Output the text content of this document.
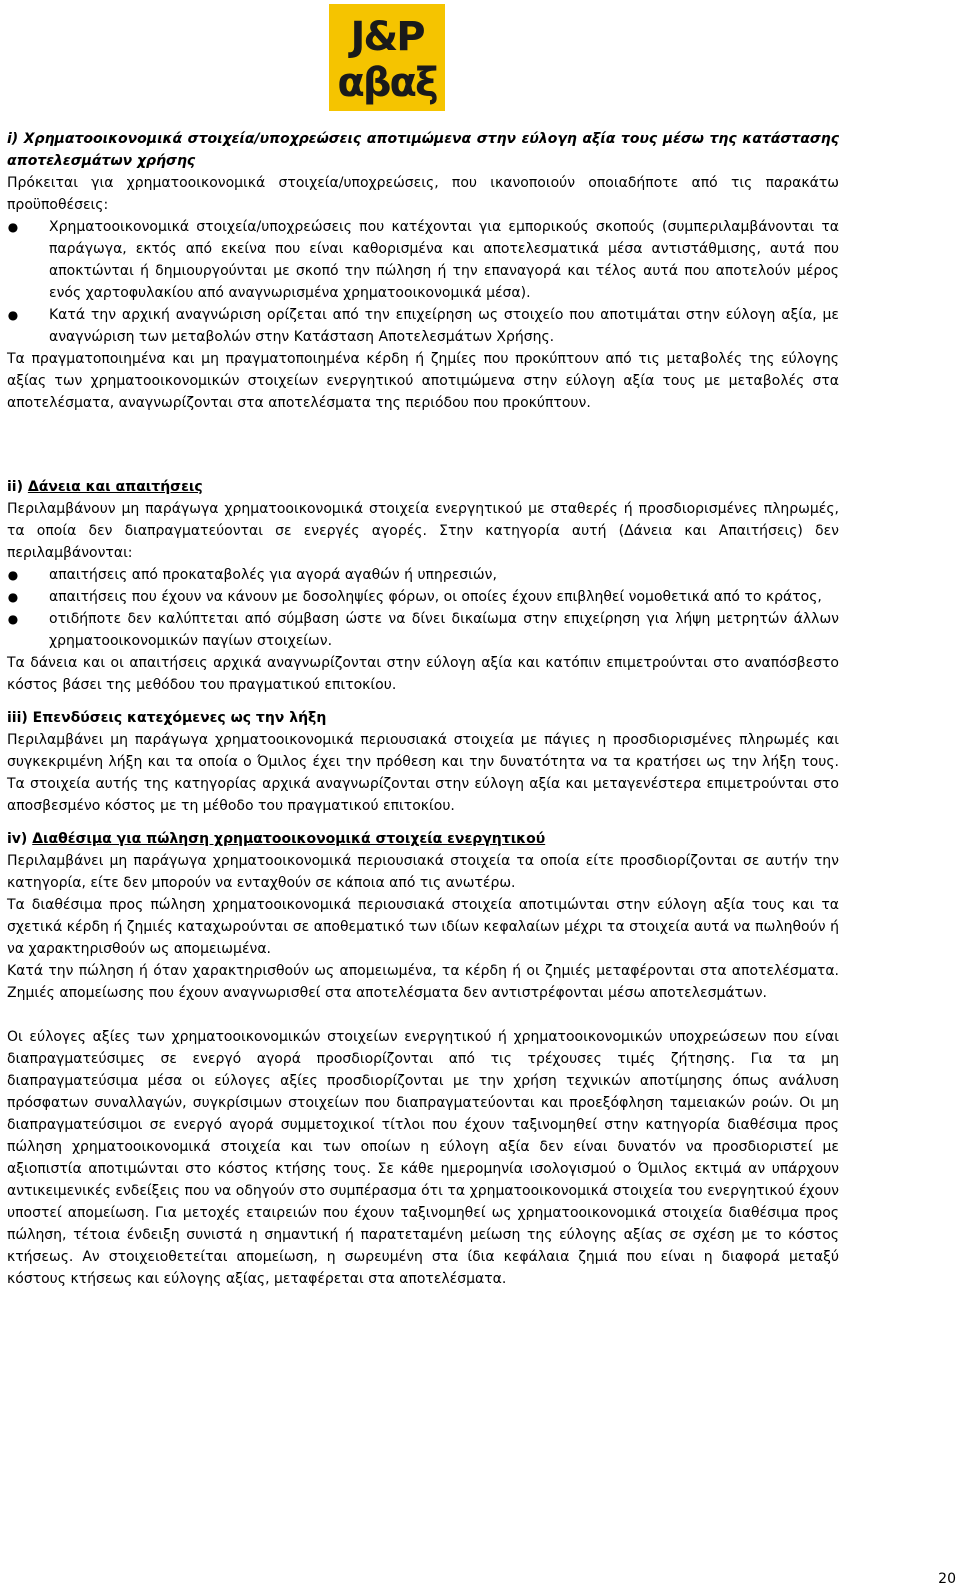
J&P
αβαξ

i) Χρηματοοικονομικά στοιχεία/υποχρεώσεις αποτιμώμενα στην εύλογη αξία τους μέσω της κατάστασης αποτελεσμάτων χρήσης

Πρόκειται για χρηματοοικονομικά στοιχεία/υποχρεώσεις, που ικανοποιούν οποιαδήποτε από τις παρακάτω προϋποθέσεις:

● Χρηματοοικονομικά στοιχεία/υποχρεώσεις που κατέχονται για εμπορικούς σκοπούς (συμπεριλαμβάνονται τα παράγωγα, εκτός από εκείνα που είναι καθορισμένα και αποτελεσματικά μέσα αντιστάθμισης, αυτά που αποκτώνται ή δημιουργούνται με σκοπό την πώληση ή την επαναγορά και τέλος αυτά που αποτελούν μέρος ενός χαρτοφυλακίου από αναγνωρισμένα χρηματοοικονομικά μέσα).
● Κατά την αρχική αναγνώριση ορίζεται από την επιχείρηση ως στοιχείο που αποτιμάται στην εύλογη αξία, με αναγνώριση των μεταβολών στην Κατάσταση Αποτελεσμάτων Χρήσης.

Τα πραγματοποιημένα και μη πραγματοποιημένα κέρδη ή ζημίες που προκύπτουν από τις μεταβολές της εύλογης αξίας των χρηματοοικονομικών στοιχείων ενεργητικού αποτιμώμενα στην εύλογη αξία τους με μεταβολές στα αποτελέσματα, αναγνωρίζονται στα αποτελέσματα της περιόδου που προκύπτουν.

ii) Δάνεια και απαιτήσεις

Περιλαμβάνουν μη παράγωγα χρηματοοικονομικά στοιχεία ενεργητικού με σταθερές ή προσδιορισμένες πληρωμές, τα οποία δεν διαπραγματεύονται σε ενεργές αγορές. Στην κατηγορία αυτή (Δάνεια και Απαιτήσεις) δεν περιλαμβάνονται:

● απαιτήσεις από προκαταβολές για αγορά αγαθών ή υπηρεσιών,
● απαιτήσεις που έχουν να κάνουν με δοσοληψίες φόρων, οι οποίες έχουν επιβληθεί νομοθετικά από το κράτος,
● οτιδήποτε δεν καλύπτεται από σύμβαση ώστε να δίνει δικαίωμα στην επιχείρηση για λήψη μετρητών άλλων χρηματοοικονομικών παγίων στοιχείων.

Τα δάνεια και οι απαιτήσεις αρχικά αναγνωρίζονται στην εύλογη αξία και κατόπιν επιμετρούνται στο αναπόσβεστο κόστος βάσει της μεθόδου του πραγματικού επιτοκίου.

iii) Επενδύσεις κατεχόμενες ως την λήξη

Περιλαμβάνει μη παράγωγα χρηματοοικονομικά περιουσιακά στοιχεία με πάγιες η προσδιορισμένες πληρωμές και συγκεκριμένη λήξη και τα οποία ο Όμιλος έχει την πρόθεση και την δυνατότητα να τα κρατήσει ως την λήξη τους. Τα στοιχεία αυτής της κατηγορίας αρχικά αναγνωρίζονται στην εύλογη αξία και μεταγενέστερα επιμετρούνται στο αποσβεσμένο κόστος με τη μέθοδο του πραγματικού επιτοκίου.

iv) Διαθέσιμα για πώληση χρηματοοικονομικά στοιχεία ενεργητικού

Περιλαμβάνει μη παράγωγα χρηματοοικονομικά περιουσιακά στοιχεία τα οποία είτε προσδιορίζονται σε αυτήν την κατηγορία, είτε δεν μπορούν να ενταχθούν σε κάποια από τις ανωτέρω.

Τα διαθέσιμα προς πώληση χρηματοοικονομικά περιουσιακά στοιχεία αποτιμώνται στην εύλογη αξία τους και τα σχετικά κέρδη ή ζημιές καταχωρούνται σε αποθεματικό των ιδίων κεφαλαίων μέχρι τα στοιχεία αυτά να πωληθούν ή να χαρακτηρισθούν ως απομειωμένα.

Κατά την πώληση ή όταν χαρακτηρισθούν ως απομειωμένα, τα κέρδη ή οι ζημιές μεταφέρονται στα αποτελέσματα. Ζημιές απομείωσης που έχουν αναγνωρισθεί στα αποτελέσματα δεν αντιστρέφονται μέσω αποτελεσμάτων.

Οι εύλογες αξίες των χρηματοοικονομικών στοιχείων ενεργητικού ή χρηματοοικονομικών υποχρεώσεων που είναι διαπραγματεύσιμες σε ενεργό αγορά προσδιορίζονται από τις τρέχουσες τιμές ζήτησης. Για τα μη διαπραγματεύσιμα μέσα οι εύλογες αξίες προσδιορίζονται με την χρήση τεχνικών αποτίμησης όπως ανάλυση πρόσφατων συναλλαγών, συγκρίσιμων στοιχείων που διαπραγματεύονται και προεξόφληση ταμειακών ροών. Οι μη διαπραγματεύσιμοι σε ενεργό αγορά συμμετοχικοί τίτλοι που έχουν ταξινομηθεί στην κατηγορία διαθέσιμα προς πώληση χρηματοοικονομικά στοιχεία και των οποίων η εύλογη αξία δεν είναι δυνατόν να προσδιοριστεί με αξιοπιστία αποτιμώνται στο κόστος κτήσης τους. Σε κάθε ημερομηνία ισολογισμού ο Όμιλος εκτιμά αν υπάρχουν αντικειμενικές ενδείξεις που να οδηγούν στο συμπέρασμα ότι τα χρηματοοικονομικά στοιχεία του ενεργητικού έχουν υποστεί απομείωση. Για μετοχές εταιρειών που έχουν ταξινομηθεί ως χρηματοοικονομικά στοιχεία διαθέσιμα προς πώληση, τέτοια ένδειξη συνιστά η σημαντική ή παρατεταμένη μείωση της εύλογης αξίας σε σχέση με το κόστος κτήσεως. Αν στοιχειοθετείται απομείωση, η σωρευμένη στα ίδια κεφάλαια ζημιά που είναι η διαφορά μεταξύ κόστους κτήσεως και εύλογης αξίας, μεταφέρεται στα αποτελέσματα.

20
